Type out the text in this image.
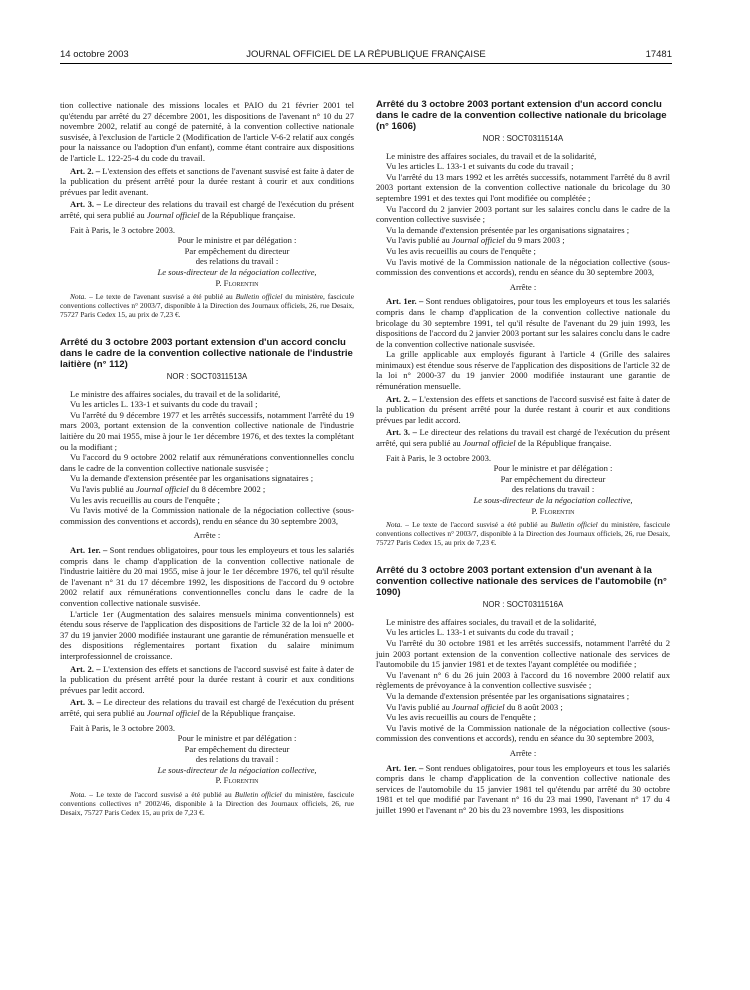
14 octobre 2003	JOURNAL OFFICIEL DE LA RÉPUBLIQUE FRANÇAISE	17481

tion collective nationale des missions locales et PAIO du 21 février 2001 tel qu'étendu par arrêté du 27 décembre 2001, les dispositions de l'avenant n° 10 du 27 novembre 2002, relatif au congé de paternité, à la convention collective nationale susvisée, à l'exclusion de l'article 2 (Modification de l'article V-6-2 relatif aux congés pour la naissance ou l'adoption d'un enfant), comme étant contraire aux dispositions de l'article L. 122-25-4 du code du travail.

Art. 2. – L'extension des effets et sanctions de l'avenant susvisé est faite à dater de la publication du présent arrêté pour la durée restant à courir et aux conditions prévues par ledit avenant.

Art. 3. – Le directeur des relations du travail est chargé de l'exécution du présent arrêté, qui sera publié au Journal officiel de la République française.

Fait à Paris, le 3 octobre 2003.

Pour le ministre et par délégation :

Par empêchement du directeur

des relations du travail :

Le sous-directeur de la négociation collective,

P. Florentin

Nota. – Le texte de l'avenant susvisé a été publié au Bulletin officiel du ministère, fascicule conventions collectives n° 2003/7, disponible à la Direction des Journaux officiels, 26, rue Desaix, 75727 Paris Cedex 15, au prix de 7,23 €.

Arrêté du 3 octobre 2003 portant extension d'un accord conclu dans le cadre de la convention collective nationale de l'industrie laitière (n° 112)

NOR : SOCT0311513A

Le ministre des affaires sociales, du travail et de la solidarité,

Vu les articles L. 133-1 et suivants du code du travail ;

Vu l'arrêté du 9 décembre 1977 et les arrêtés successifs, notamment l'arrêté du 19 mars 2003, portant extension de la convention collective nationale de l'industrie laitière du 20 mai 1955, mise à jour le 1er décembre 1976, et des textes la complétant ou la modifiant ;

Vu l'accord du 9 octobre 2002 relatif aux rémunérations conventionnelles conclu dans le cadre de la convention collective nationale susvisée ;

Vu la demande d'extension présentée par les organisations signataires ;

Vu l'avis publié au Journal officiel du 8 décembre 2002 ;

Vu les avis recueillis au cours de l'enquête ;

Vu l'avis motivé de la Commission nationale de la négociation collective (sous-commission des conventions et accords), rendu en séance du 30 septembre 2003,

Arrête :

Art. 1er. – Sont rendues obligatoires, pour tous les employeurs et tous les salariés compris dans le champ d'application de la convention collective nationale de l'industrie laitière du 20 mai 1955, mise à jour le 1er décembre 1976, tel qu'il résulte de l'avenant n° 31 du 17 décembre 1992, les dispositions de l'accord du 9 octobre 2002 relatif aux rémunérations conventionnelles conclu dans le cadre de la convention collective nationale susvisée.

L'article 1er (Augmentation des salaires mensuels minima conventionnels) est étendu sous réserve de l'application des dispositions de l'article 32 de la loi n° 2000-37 du 19 janvier 2000 modifiée instaurant une garantie de rémunération mensuelle et des dispositions réglementaires portant fixation du salaire minimum interprofessionnel de croissance.

Art. 2. – L'extension des effets et sanctions de l'accord susvisé est faite à dater de la publication du présent arrêté pour la durée restant à courir et aux conditions prévues par ledit accord.

Art. 3. – Le directeur des relations du travail est chargé de l'exécution du présent arrêté, qui sera publié au Journal officiel de la République française.

Fait à Paris, le 3 octobre 2003.

Pour le ministre et par délégation :

Par empêchement du directeur

des relations du travail :

Le sous-directeur de la négociation collective,

P. Florentin

Nota. – Le texte de l'accord susvisé a été publié au Bulletin officiel du ministère, fascicule conventions collectives n° 2002/46, disponible à la Direction des Journaux officiels, 26, rue Desaix, 75727 Paris Cedex 15, au prix de 7,23 €.

Arrêté du 3 octobre 2003 portant extension d'un accord conclu dans le cadre de la convention collective nationale du bricolage (n° 1606)

NOR : SOCT0311514A

Le ministre des affaires sociales, du travail et de la solidarité,

Vu les articles L. 133-1 et suivants du code du travail ;

Vu l'arrêté du 13 mars 1992 et les arrêtés successifs, notamment l'arrêté du 8 avril 2003 portant extension de la convention collective nationale du bricolage du 30 septembre 1991 et des textes qui l'ont modifiée ou complétée ;

Vu l'accord du 2 janvier 2003 portant sur les salaires conclu dans le cadre de la convention collective susvisée ;

Vu la demande d'extension présentée par les organisations signataires ;

Vu l'avis publié au Journal officiel du 9 mars 2003 ;

Vu les avis recueillis au cours de l'enquête ;

Vu l'avis motivé de la Commission nationale de la négociation collective (sous-commission des conventions et accords), rendu en séance du 30 septembre 2003,

Arrête :

Art. 1er. – Sont rendues obligatoires, pour tous les employeurs et tous les salariés compris dans le champ d'application de la convention collective nationale du bricolage du 30 septembre 1991, tel qu'il résulte de l'avenant du 29 juin 1993, les dispositions de l'accord du 2 janvier 2003 portant sur les salaires conclu dans le cadre de la convention collective nationale susvisée.

La grille applicable aux employés figurant à l'article 4 (Grille des salaires minimaux) est étendue sous réserve de l'application des dispositions de l'article 32 de la loi n° 2000-37 du 19 janvier 2000 modifiée instaurant une garantie de rémunération mensuelle.

Art. 2. – L'extension des effets et sanctions de l'accord susvisé est faite à dater de la publication du présent arrêté pour la durée restant à courir et aux conditions prévues par ledit accord.

Art. 3. – Le directeur des relations du travail est chargé de l'exécution du présent arrêté, qui sera publié au Journal officiel de la République française.

Fait à Paris, le 3 octobre 2003.

Pour le ministre et par délégation :

Par empêchement du directeur

des relations du travail :

Le sous-directeur de la négociation collective,

P. Florentin

Nota. – Le texte de l'accord susvisé a été publié au Bulletin officiel du ministère, fascicule conventions collectives n° 2003/7, disponible à la Direction des Journaux officiels, 26, rue Desaix, 75727 Paris Cedex 15, au prix de 7,23 €.

Arrêté du 3 octobre 2003 portant extension d'un avenant à la convention collective nationale des services de l'automobile (n° 1090)

NOR : SOCT0311516A

Le ministre des affaires sociales, du travail et de la solidarité,

Vu les articles L. 133-1 et suivants du code du travail ;

Vu l'arrêté du 30 octobre 1981 et les arrêtés successifs, notamment l'arrêté du 2 juin 2003 portant extension de la convention collective nationale des services de l'automobile du 15 janvier 1981 et de textes l'ayant complétée ou modifiée ;

Vu l'avenant n° 6 du 26 juin 2003 à l'accord du 16 novembre 2000 relatif aux règlements de prévoyance à la convention collective susvisée ;

Vu la demande d'extension présentée par les organisations signataires ;

Vu l'avis publié au Journal officiel du 8 août 2003 ;

Vu les avis recueillis au cours de l'enquête ;

Vu l'avis motivé de la Commission nationale de la négociation collective (sous-commission des conventions et accords), rendu en séance du 30 septembre 2003,

Arrête :

Art. 1er. – Sont rendues obligatoires, pour tous les employeurs et tous les salariés compris dans le champ d'application de la convention collective nationale des services de l'automobile du 15 janvier 1981 tel qu'étendu par arrêté du 30 octobre 1981 et tel que modifié par l'avenant n° 16 du 23 mai 1990, l'avenant n° 17 du 4 juillet 1990 et l'avenant n° 20 bis du 23 novembre 1993, les dispositions
